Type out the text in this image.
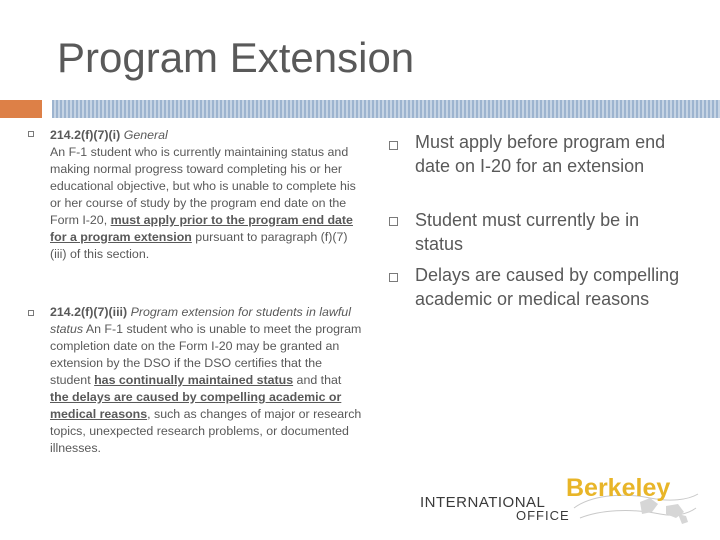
Program Extension
214.2(f)(7)(i) General
An F-1 student who is currently maintaining status and making normal progress toward completing his or her educational objective, but who is unable to complete his or her course of study by the program end date on the Form I-20, must apply prior to the program end date for a program extension pursuant to paragraph (f)(7)(iii) of this section.
214.2(f)(7)(iii) Program extension for students in lawful status An F-1 student who is unable to meet the program completion date on the Form I-20 may be granted an extension by the DSO if the DSO certifies that the student has continually maintained status and that the delays are caused by compelling academic or medical reasons, such as changes of major or research topics, unexpected research problems, or documented illnesses.
Must apply before program end date on I-20 for an extension
Student must currently be in status
Delays are caused by compelling academic or medical reasons
Berkeley
INTERNATIONAL
OFFICE
